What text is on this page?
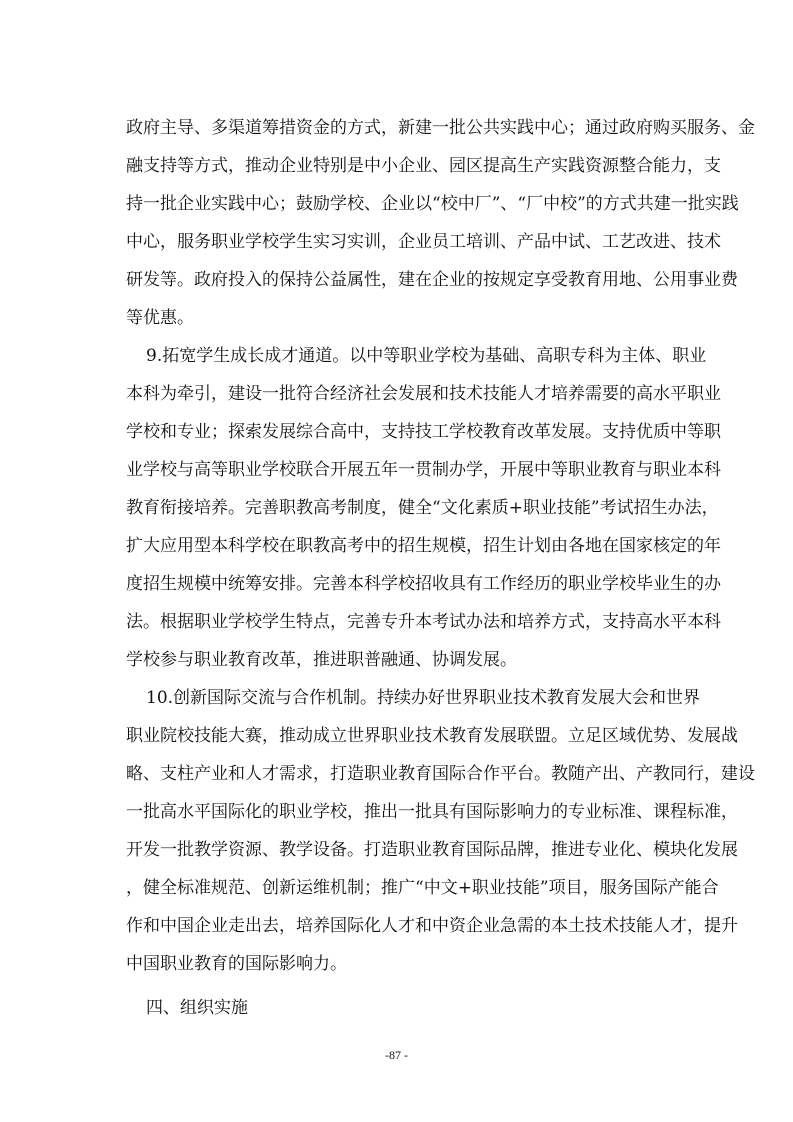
政府主导、多渠道筹措资金的方式，新建一批公共实践中心；通过政府购买服务、金
融支持等方式，推动企业特别是中小企业、园区提高生产实践资源整合能力，支
持一批企业实践中心；鼓励学校、企业以“校中厂”、“厂中校”的方式共建一批实践
中心，服务职业学校学生实习实训，企业员工培训、产品中试、工艺改进、技术
研发等。政府投入的保持公益属性，建在企业的按规定享受教育用地、公用事业费
等优惠。
9.拓宽学生成长成才通道。以中等职业学校为基础、高职专科为主体、职业
本科为牵引，建设一批符合经济社会发展和技术技能人才培养需要的高水平职业
学校和专业；探索发展综合高中，支持技工学校教育改革发展。支持优质中等职
业学校与高等职业学校联合开展五年一贯制办学，开展中等职业教育与职业本科
教育衔接培养。完善职教高考制度，健全“文化素质+职业技能”考试招生办法，
扩大应用型本科学校在职教高考中的招生规模，招生计划由各地在国家核定的年
度招生规模中统筹安排。完善本科学校招收具有工作经历的职业学校毕业生的办
法。根据职业学校学生特点，完善专升本考试办法和培养方式，支持高水平本科
学校参与职业教育改革，推进职普融通、协调发展。
10.创新国际交流与合作机制。持续办好世界职业技术教育发展大会和世界
职业院校技能大赛，推动成立世界职业技术教育发展联盟。立足区域优势、发展战
略、支柱产业和人才需求，打造职业教育国际合作平台。教随产出、产教同行，建设
一批高水平国际化的职业学校，推出一批具有国际影响力的专业标准、课程标准，
开发一批教学资源、教学设备。打造职业教育国际品牌，推进专业化、模块化发展
，健全标准规范、创新运维机制；推广“中文+职业技能”项目，服务国际产能合
作和中国企业走出去，培养国际化人才和中资企业急需的本土技术技能人才，提升
中国职业教育的国际影响力。
四、组织实施
-87 -
